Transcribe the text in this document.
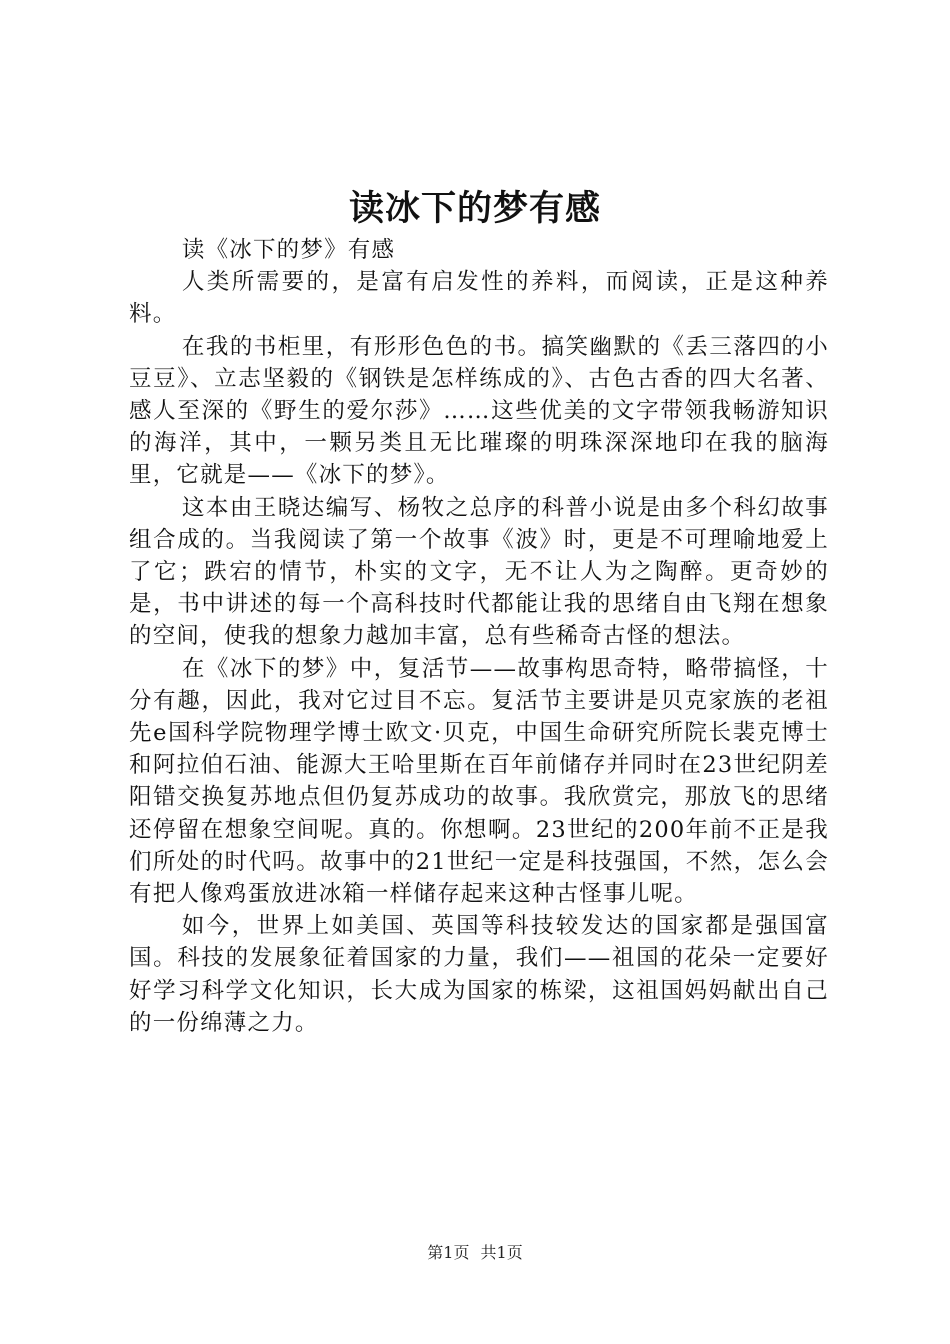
读冰下的梦有感

读《冰下的梦》有感

人类所需要的，是富有启发性的养料，而阅读，正是这种养料。

在我的书柜里，有形形色色的书。搞笑幽默的《丢三落四的小豆豆》、立志坚毅的《钢铁是怎样练成的》、古色古香的四大名著、感人至深的《野生的爱尔莎》……这些优美的文字带领我畅游知识的海洋，其中，一颗另类且无比璀璨的明珠深深地印在我的脑海里，它就是——《冰下的梦》。

这本由王晓达编写、杨牧之总序的科普小说是由多个科幻故事组合成的。当我阅读了第一个故事《波》时，更是不可理喻地爱上了它；跌宕的情节，朴实的文字，无不让人为之陶醉。更奇妙的是，书中讲述的每一个高科技时代都能让我的思绪自由飞翔在想象的空间，使我的想象力越加丰富，总有些稀奇古怪的想法。

在《冰下的梦》中，复活节——故事构思奇特，略带搞怪，十分有趣，因此，我对它过目不忘。复活节主要讲是贝克家族的老祖先e国科学院物理学博士欧文·贝克，中国生命研究所院长裴克博士和阿拉伯石油、能源大王哈里斯在百年前储存并同时在23世纪阴差阳错交换复苏地点但仍复苏成功的故事。我欣赏完，那放飞的思绪还停留在想象空间呢。真的。你想啊。23世纪的200年前不正是我们所处的时代吗。故事中的21世纪一定是科技强国，不然，怎么会有把人像鸡蛋放进冰箱一样储存起来这种古怪事儿呢。

如今，世界上如美国、英国等科技较发达的国家都是强国富国。科技的发展象征着国家的力量，我们——祖国的花朵一定要好好学习科学文化知识，长大成为国家的栋梁，这祖国妈妈献出自己的一份绵薄之力。

第1页 共1页
